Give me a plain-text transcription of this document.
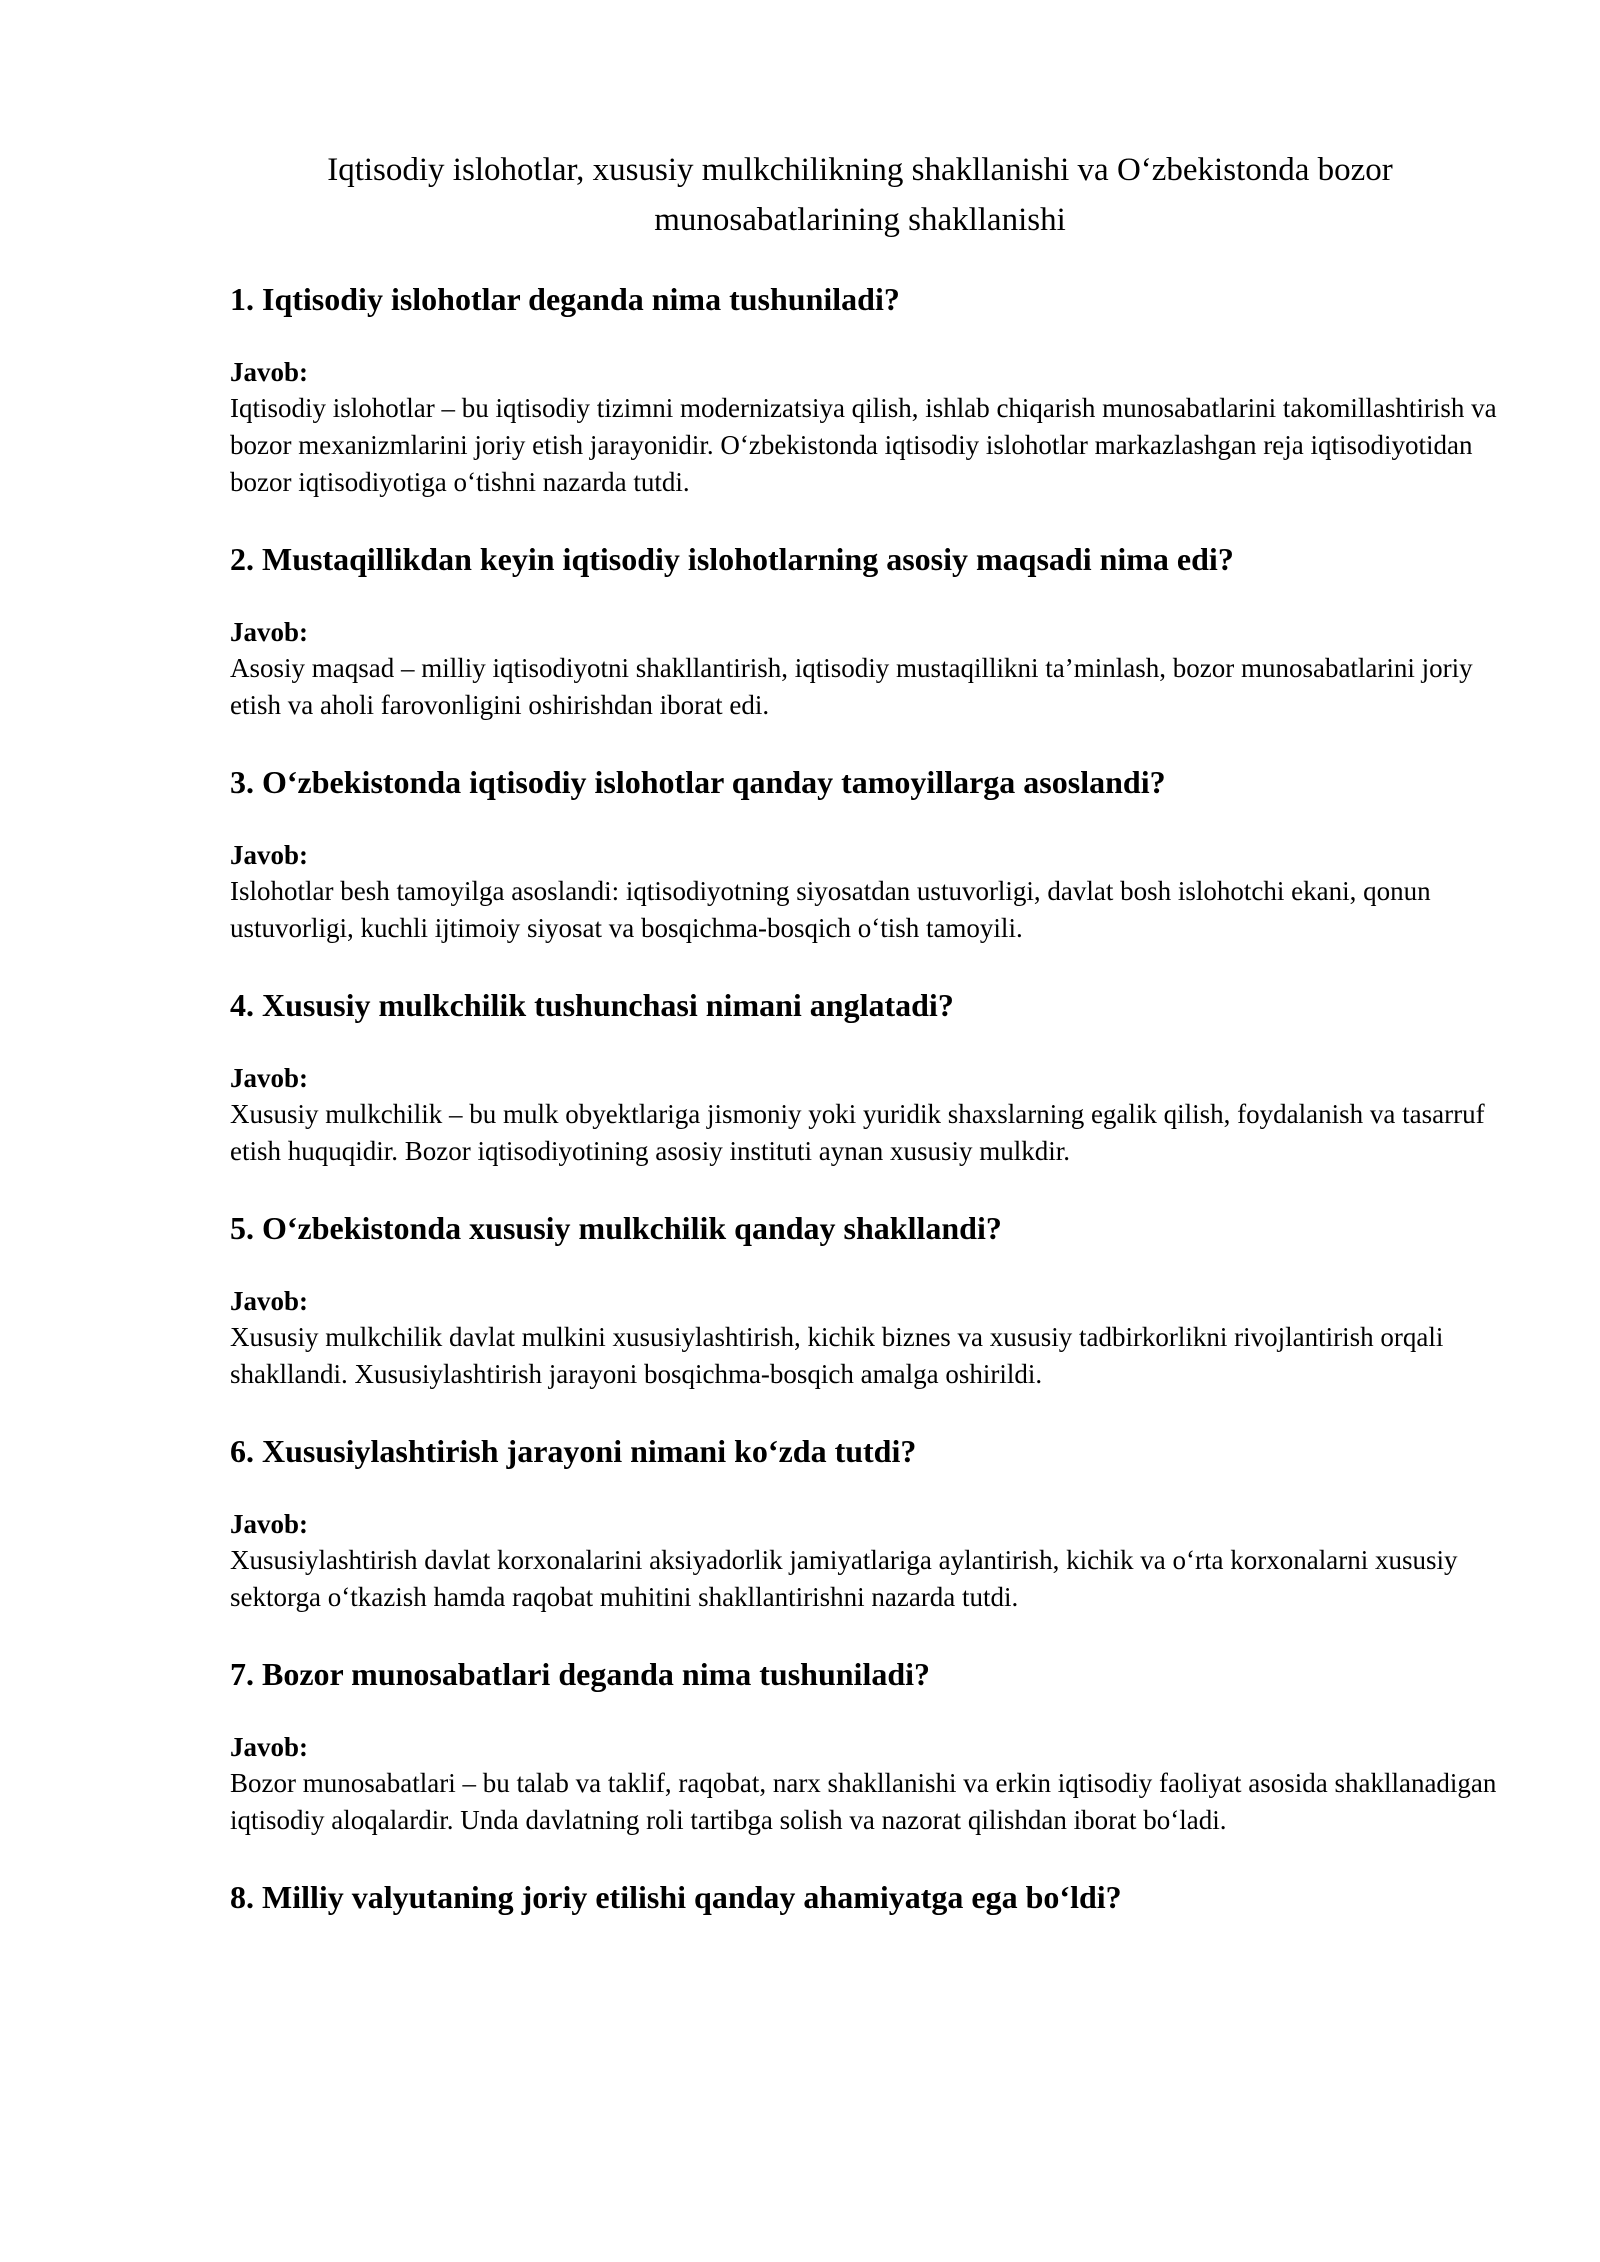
Iqtisodiy islohotlar, xususiy mulkchilikning shakllanishi va O‘zbekistonda bozor munosabatlarining shakllanishi

1. Iqtisodiy islohotlar deganda nima tushuniladi?

Javob:

Iqtisodiy islohotlar – bu iqtisodiy tizimni modernizatsiya qilish, ishlab chiqarish munosabatlarini takomillashtirish va bozor mexanizmlarini joriy etish jarayonidir. O‘zbekistonda iqtisodiy islohotlar markazlashgan reja iqtisodiyotidan bozor iqtisodiyotiga o‘tishni nazarda tutdi.

2. Mustaqillikdan keyin iqtisodiy islohotlarning asosiy maqsadi nima edi?

Javob:

Asosiy maqsad – milliy iqtisodiyotni shakllantirish, iqtisodiy mustaqillikni ta’minlash, bozor munosabatlarini joriy etish va aholi farovonligini oshirishdan iborat edi.

3. O‘zbekistonda iqtisodiy islohotlar qanday tamoyillarga asoslandi?

Javob:

Islohotlar besh tamoyilga asoslandi: iqtisodiyotning siyosatdan ustuvorligi, davlat bosh islohotchi ekani, qonun ustuvorligi, kuchli ijtimoiy siyosat va bosqichma-bosqich o‘tish tamoyili.

4. Xususiy mulkchilik tushunchasi nimani anglatadi?

Javob:

Xususiy mulkchilik – bu mulk obyektlariga jismoniy yoki yuridik shaxslarning egalik qilish, foydalanish va tasarruf etish huquqidir. Bozor iqtisodiyotining asosiy instituti aynan xususiy mulkdir.

5. O‘zbekistonda xususiy mulkchilik qanday shakllandi?

Javob:

Xususiy mulkchilik davlat mulkini xususiylashtirish, kichik biznes va xususiy tadbirkorlikni rivojlantirish orqali shakllandi. Xususiylashtirish jarayoni bosqichma-bosqich amalga oshirildi.

6. Xususiylashtirish jarayoni nimani ko‘zda tutdi?

Javob:

Xususiylashtirish davlat korxonalarini aksiyadorlik jamiyatlariga aylantirish, kichik va o‘rta korxonalarni xususiy sektorga o‘tkazish hamda raqobat muhitini shakllantirishni nazarda tutdi.

7. Bozor munosabatlari deganda nima tushuniladi?

Javob:

Bozor munosabatlari – bu talab va taklif, raqobat, narx shakllanishi va erkin iqtisodiy faoliyat asosida shakllanadigan iqtisodiy aloqalardir. Unda davlatning roli tartibga solish va nazorat qilishdan iborat bo‘ladi.

8. Milliy valyutaning joriy etilishi qanday ahamiyatga ega bo‘ldi?
